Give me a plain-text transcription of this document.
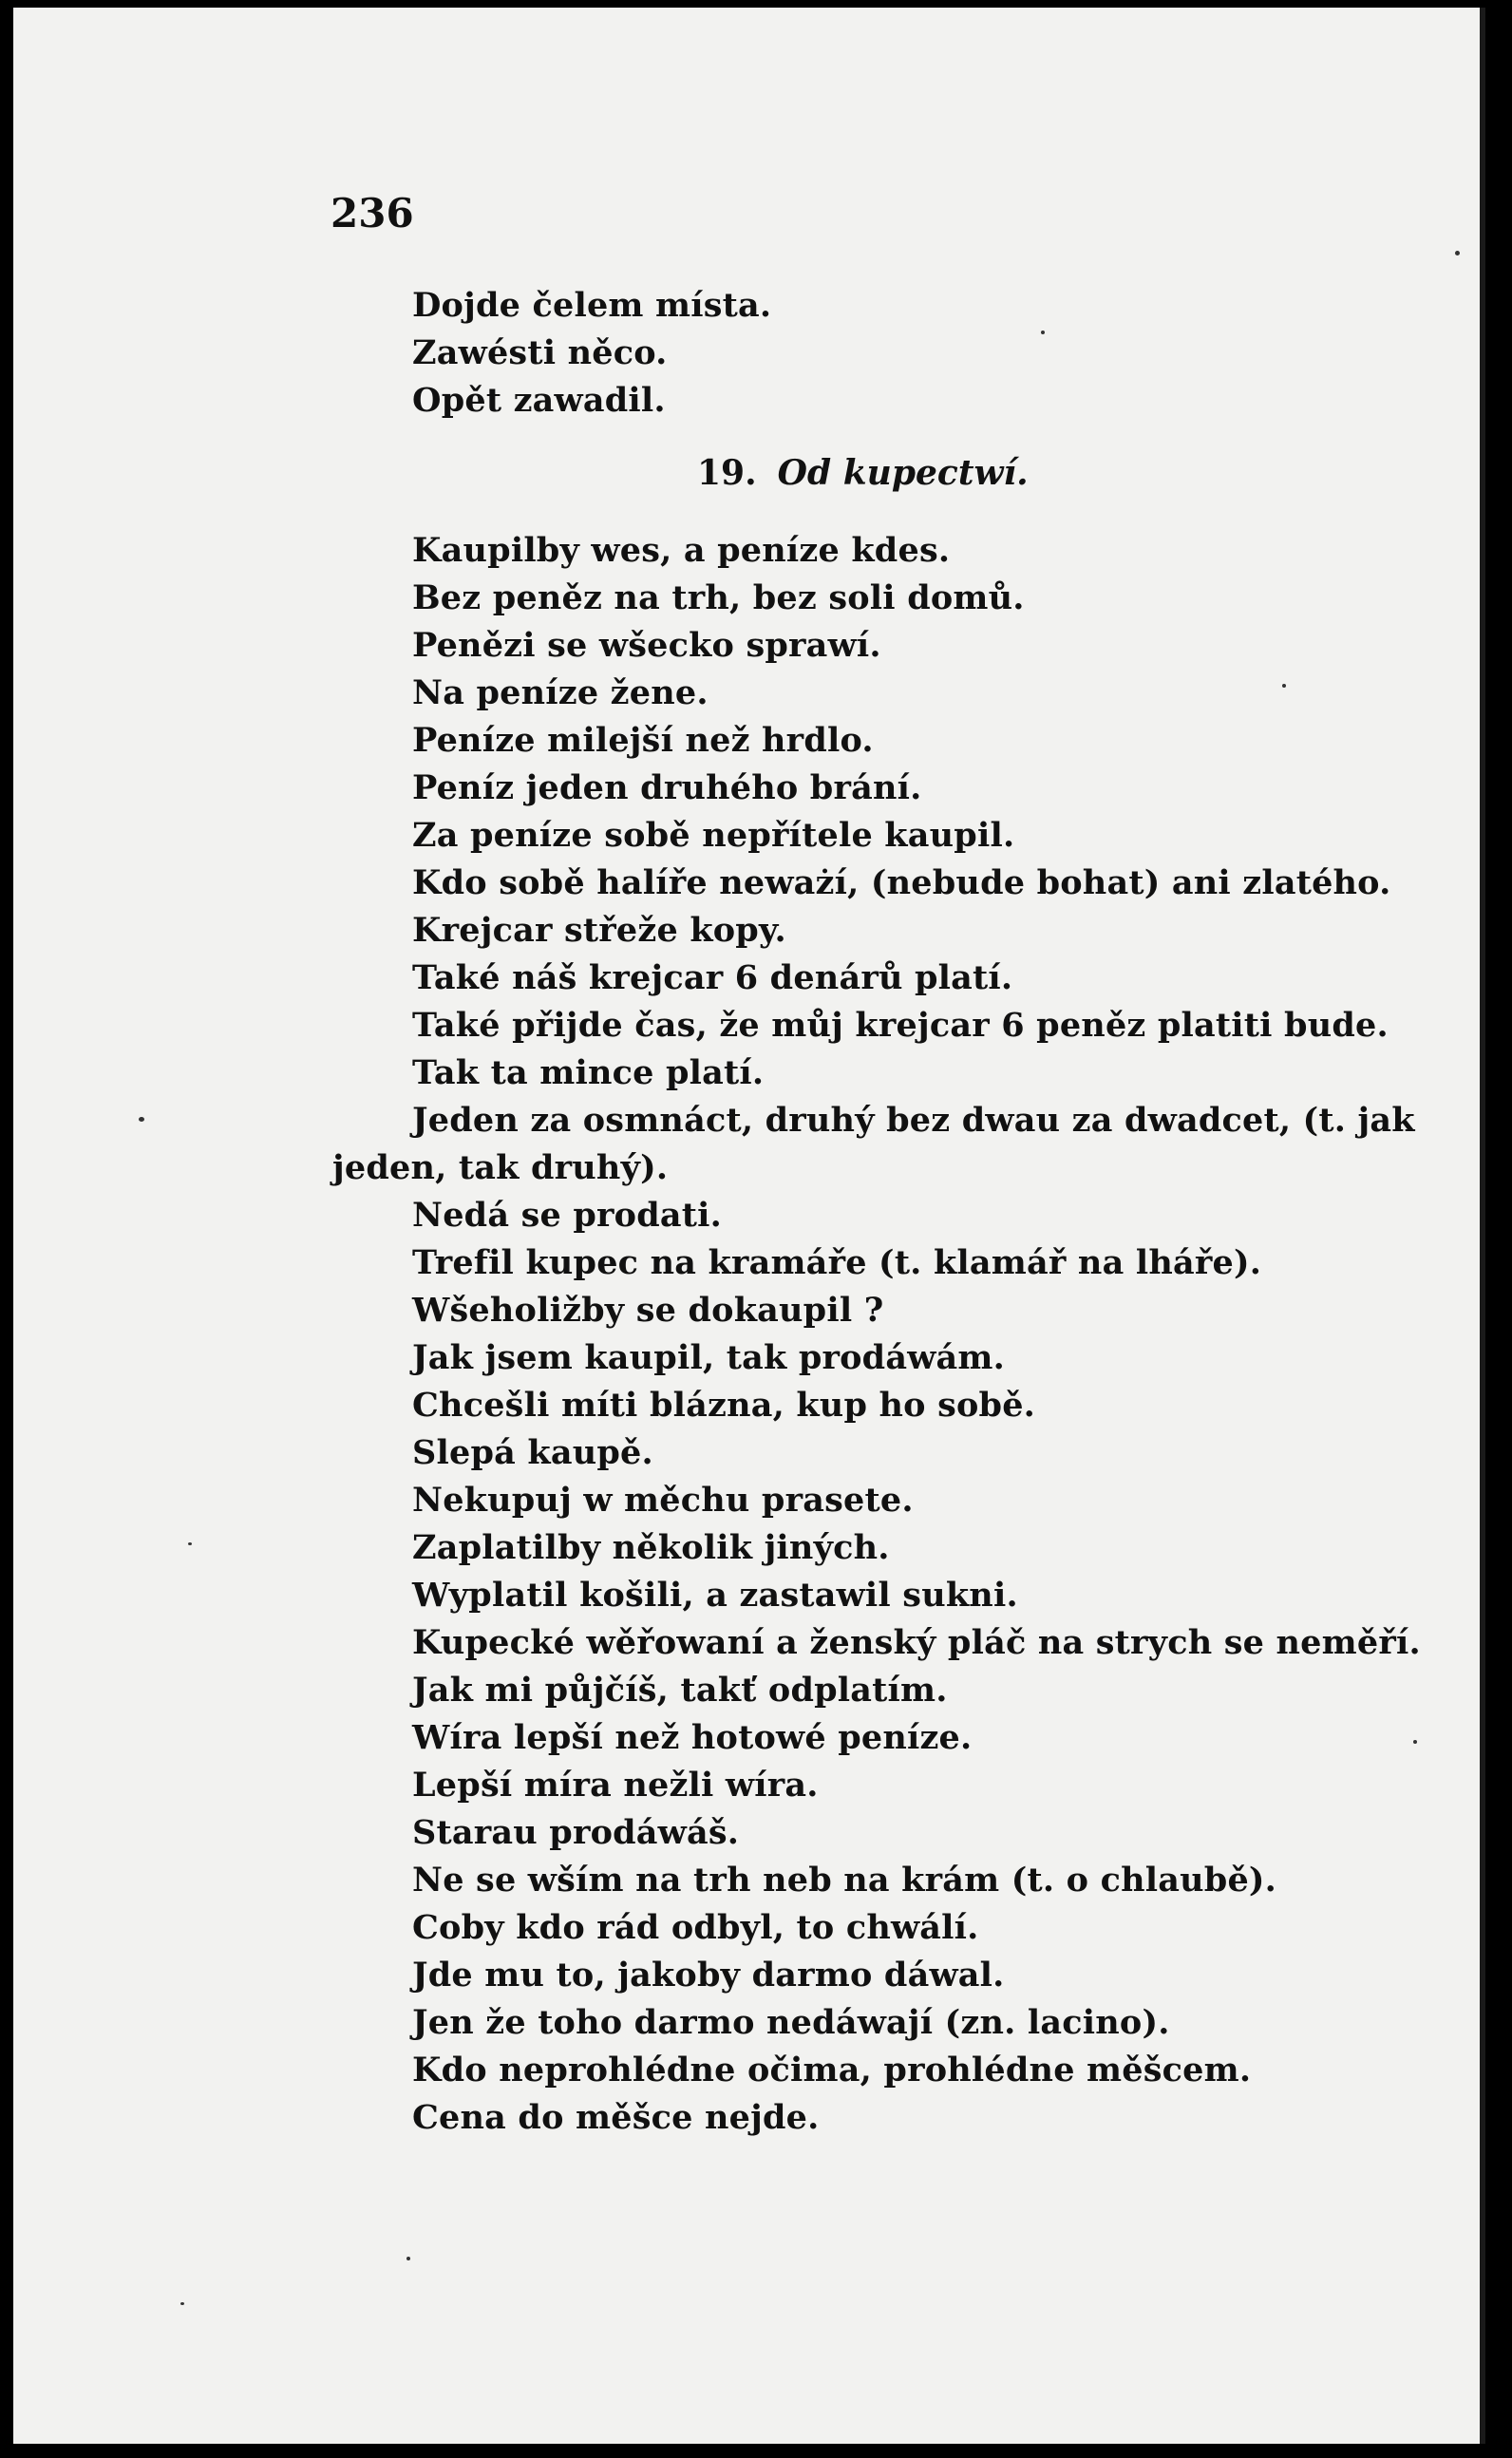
236
Dojde čelem místa.
Zawésti něco.
Opět zawadil.
19. Od kupectwí.
Kaupilby wes, a peníze kdes.
Bez peněz na trh, bez soli domů.
Penězi se wšecko sprawí.
Na peníze žene.
Peníze milejší než hrdlo.
Peníz jeden druhého brání.
Za peníze sobě nepřítele kaupil.
Kdo sobě halíře neważí, (nebude bohat) ani zlatého.
Krejcar střeže kopy.
Také náš krejcar 6 denárů platí.
Také přijde čas, že můj krejcar 6 peněz platiti bude.
Tak ta mince platí.
Jeden za osmnáct, druhý bez dwau za dwadcet, (t. jak
jeden, tak druhý).
Nedá se prodati.
Trefil kupec na kramáře (t. klamář na lháře).
Wšeholižby se dokaupil ?
Jak jsem kaupil, tak prodáwám.
Chcešli míti blázna, kup ho sobě.
Slepá kaupě.
Nekupuj w měchu prasete.
Zaplatilby několik jiných.
Wyplatil košili, a zastawil sukni.
Kupecké wěřowaní a ženský pláč na strych se neměří.
Jak mi půjčíš, takť odplatím.
Wíra lepší než hotowé peníze.
Lepší míra nežli wíra.
Starau prodáwáš.
Ne se wším na trh neb na krám (t. o chlaubě).
Coby kdo rád odbyl, to chwálí.
Jde mu to, jakoby darmo dáwal.
Jen že toho darmo nedáwají (zn. lacino).
Kdo neprohlédne očima, prohlédne měšcem.
Cena do měšce nejde.
